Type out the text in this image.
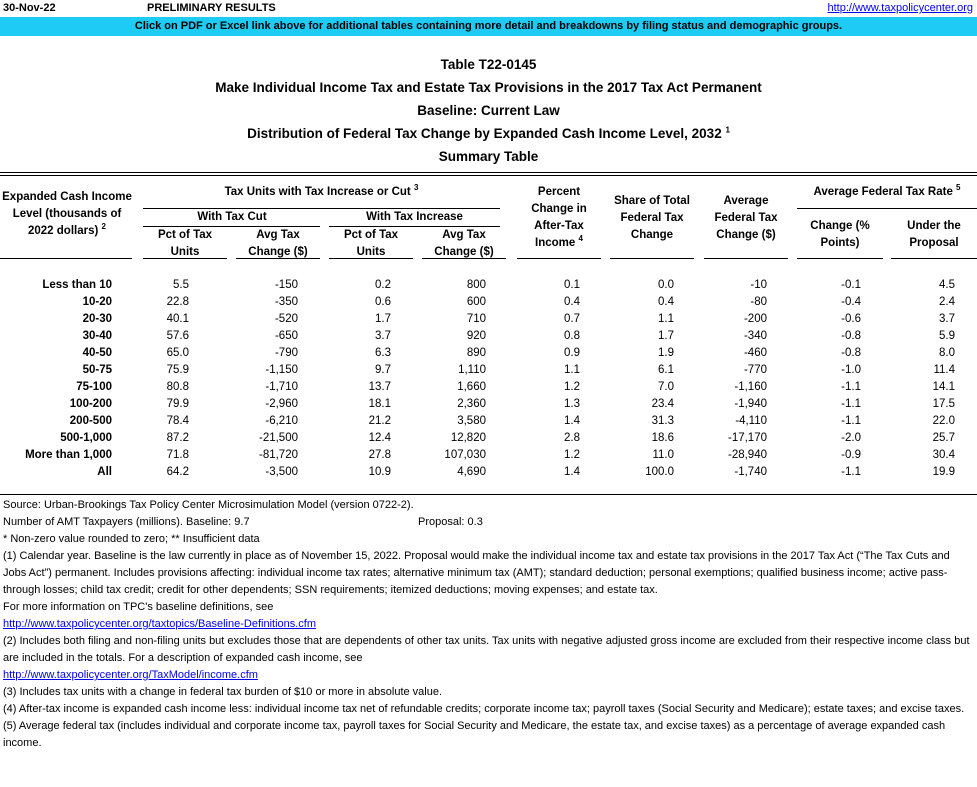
30-Nov-22	PRELIMINARY RESULTS	http://www.taxpolicycenter.org
Click on PDF or Excel link above for additional tables containing more detail and breakdowns by filing status and demographic groups.
Table T22-0145
Make Individual Income Tax and Estate Tax Provisions in the 2017 Tax Act Permanent
Baseline: Current Law
Distribution of Federal Tax Change by Expanded Cash Income Level, 2032 $^1$
Summary Table
Expanded Cash Income Level (thousands of 2022 dollars) $^2$
Tax Units with Tax Increase or Cut $^3$
With Tax Cut	With Tax Increase
Pct of Tax Units
Avg Tax Change ($)
Pct of Tax Units
Avg Tax Change ($)
Percent Change in After-Tax Income $^4$
Share of Total Federal Tax Change
Average Federal Tax Change ($)
Average Federal Tax Rate $^5$
Change (% Points)
Under the Proposal
Less than 10	5.5	-150	0.2	800	0.1	0.0	-10	-0.1	4.5
10-20	22.8	-350	0.6	600	0.4	0.4	-80	-0.4	2.4
20-30	40.1	-520	1.7	710	0.7	1.1	-200	-0.6	3.7
30-40	57.6	-650	3.7	920	0.8	1.7	-340	-0.8	5.9
40-50	65.0	-790	6.3	890	0.9	1.9	-460	-0.8	8.0
50-75	75.9	-1,150	9.7	1,110	1.1	6.1	-770	-1.0	11.4
75-100	80.8	-1,710	13.7	1,660	1.2	7.0	-1,160	-1.1	14.1
100-200	79.9	-2,960	18.1	2,360	1.3	23.4	-1,940	-1.1	17.5
200-500	78.4	-6,210	21.2	3,580	1.4	31.3	-4,110	-1.1	22.0
500-1,000	87.2	-21,500	12.4	12,820	2.8	18.6	-17,170	-2.0	25.7
More than 1,000	71.8	-81,720	27.8	107,030	1.2	11.0	-28,940	-0.9	30.4
All	64.2	-3,500	10.9	4,690	1.4	100.0	-1,740	-1.1	19.9
Source: Urban-Brookings Tax Policy Center Microsimulation Model (version 0722-2).
Number of AMT Taxpayers (millions). Baseline: 9.7	Proposal: 0.3
* Non-zero value rounded to zero; ** Insufficient data
(1) Calendar year. Baseline is the law currently in place as of November 15, 2022. Proposal would make the individual income tax and estate tax provisions in the 2017 Tax Act (“The Tax Cuts and Jobs Act”) permanent. Includes provisions affecting: individual income tax rates; alternative minimum tax (AMT); standard deduction; personal exemptions; qualified business income; active pass-through losses; child tax credit; credit for other dependents; SSN requirements; itemized deductions; moving expenses; and estate tax.
For more information on TPC's baseline definitions, see
http://www.taxpolicycenter.org/taxtopics/Baseline-Definitions.cfm
(2) Includes both filing and non-filing units but excludes those that are dependents of other tax units. Tax units with negative adjusted gross income are excluded from their respective income class but are included in the totals. For a description of expanded cash income, see
http://www.taxpolicycenter.org/TaxModel/income.cfm
(3) Includes tax units with a change in federal tax burden of $10 or more in absolute value.
(4) After-tax income is expanded cash income less: individual income tax net of refundable credits; corporate income tax; payroll taxes (Social Security and Medicare); estate taxes; and excise taxes.
(5) Average federal tax (includes individual and corporate income tax, payroll taxes for Social Security and Medicare, the estate tax, and excise taxes) as a percentage of average expanded cash income.
